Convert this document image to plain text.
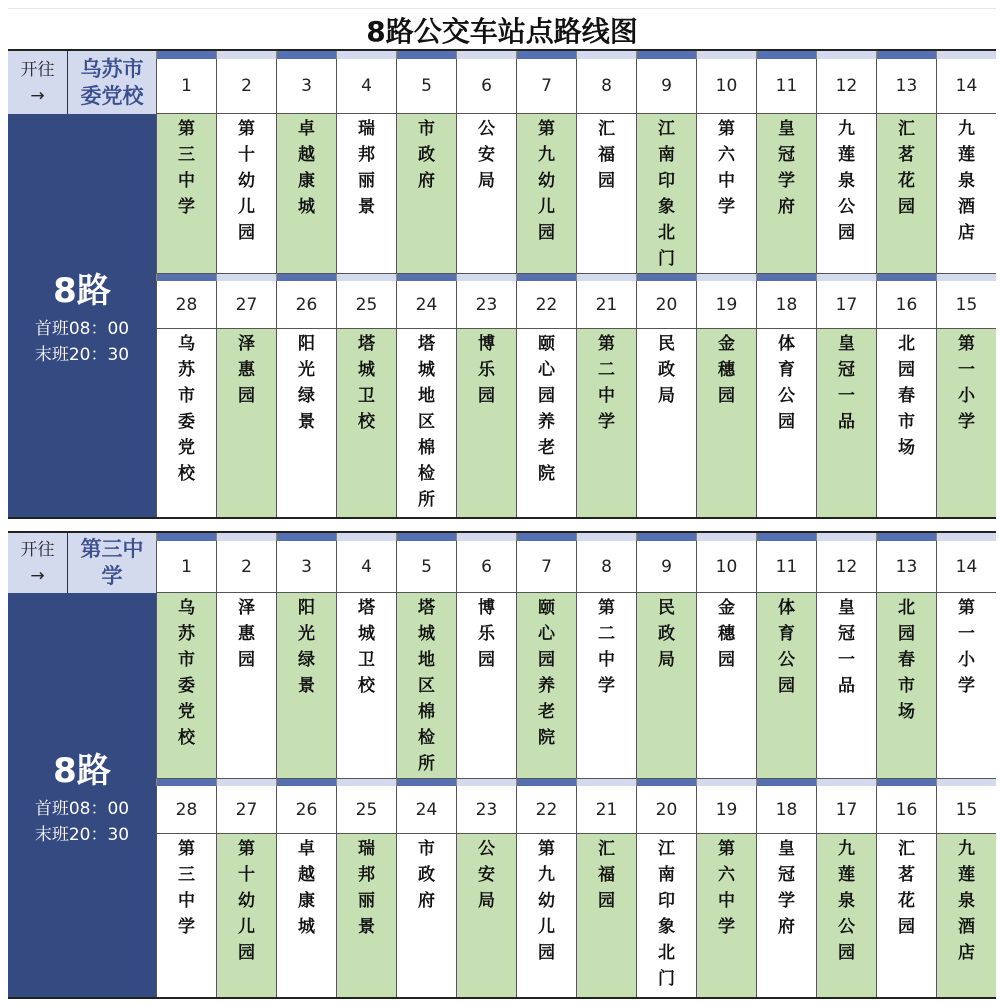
8路公交车站点路线图
开往
→
乌苏市委党校
8路
首班08：00
末班20：30
1
第三中学
28
乌苏市委党校
2
第十幼儿园
27
泽惠园
3
卓越康城
26
阳光绿景
4
瑞邦丽景
25
塔城卫校
5
市政府
24
塔城地区棉检所
6
公安局
23
博乐园
7
第九幼儿园
22
颐心园养老院
8
汇福园
21
第二中学
9
江南印象北门
20
民政局
10
第六中学
19
金穗园
11
皇冠学府
18
体育公园
12
九莲泉公园
17
皇冠一品
13
汇茗花园
16
北园春市场
14
九莲泉酒店
15
第一小学
开往
→
第三中学
8路
首班08：00
末班20：30
1
乌苏市委党校
28
第三中学
2
泽惠园
27
第十幼儿园
3
阳光绿景
26
卓越康城
4
塔城卫校
25
瑞邦丽景
5
塔城地区棉检所
24
市政府
6
博乐园
23
公安局
7
颐心园养老院
22
第九幼儿园
8
第二中学
21
汇福园
9
民政局
20
江南印象北门
10
金穗园
19
第六中学
11
体育公园
18
皇冠学府
12
皇冠一品
17
九莲泉公园
13
北园春市场
16
汇茗花园
14
第一小学
15
九莲泉酒店
